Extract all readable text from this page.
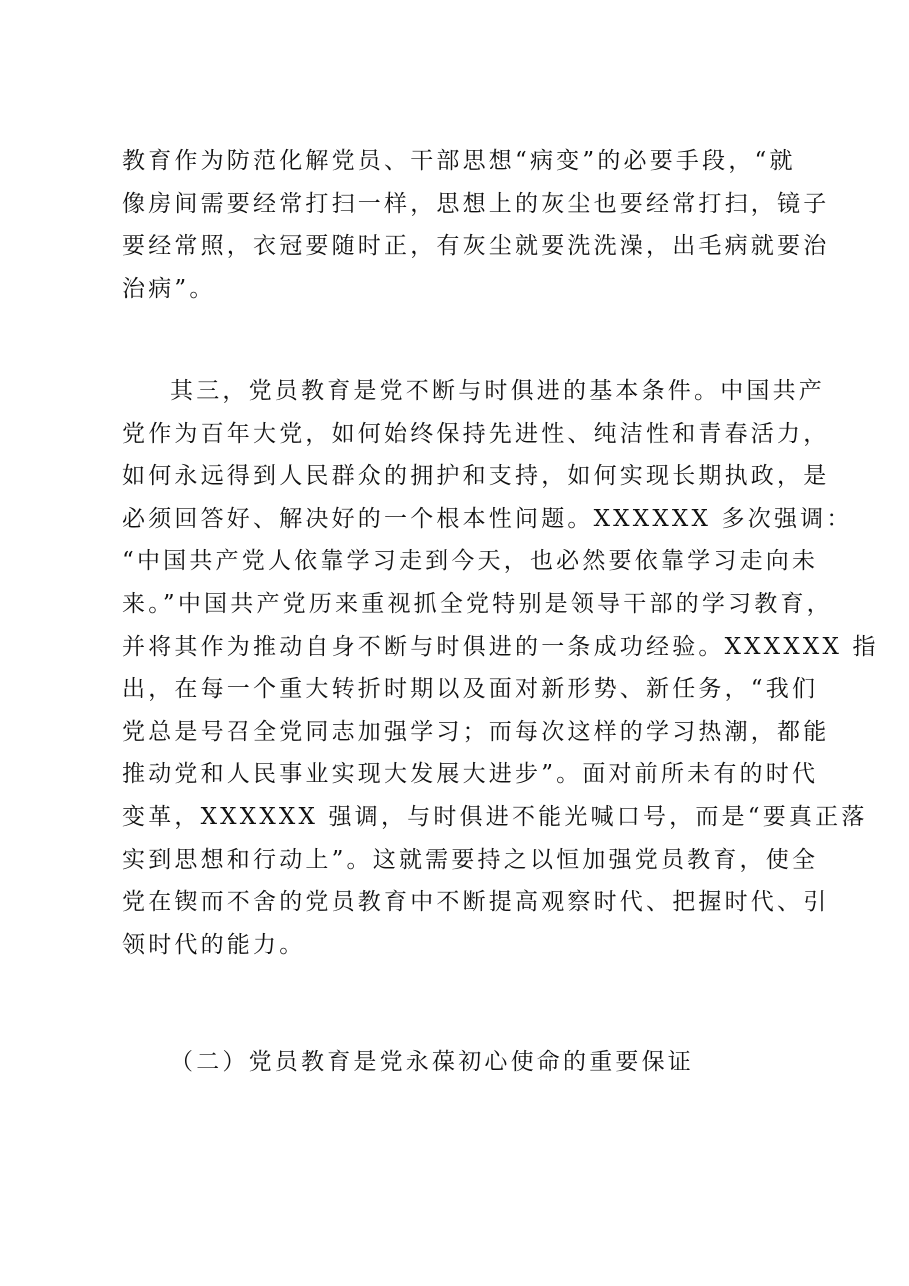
教育作为防范化解党员、干部思想“病变”的必要手段，“就
像房间需要经常打扫一样，思想上的灰尘也要经常打扫，镜子
要经常照，衣冠要随时正，有灰尘就要洗洗澡，出毛病就要治
治病”。
其三，党员教育是党不断与时俱进的基本条件。中国共产
党作为百年大党，如何始终保持先进性、纯洁性和青春活力，
如何永远得到人民群众的拥护和支持，如何实现长期执政，是
必须回答好、解决好的一个根本性问题。XXXXXX 多次强调：
“中国共产党人依靠学习走到今天，也必然要依靠学习走向未
来。”中国共产党历来重视抓全党特别是领导干部的学习教育，
并将其作为推动自身不断与时俱进的一条成功经验。XXXXXX 指
出，在每一个重大转折时期以及面对新形势、新任务，“我们
党总是号召全党同志加强学习；而每次这样的学习热潮，都能
推动党和人民事业实现大发展大进步”。面对前所未有的时代
变革，XXXXXX 强调，与时俱进不能光喊口号，而是“要真正落
实到思想和行动上”。这就需要持之以恒加强党员教育，使全
党在锲而不舍的党员教育中不断提高观察时代、把握时代、引
领时代的能力。
（二）党员教育是党永葆初心使命的重要保证
